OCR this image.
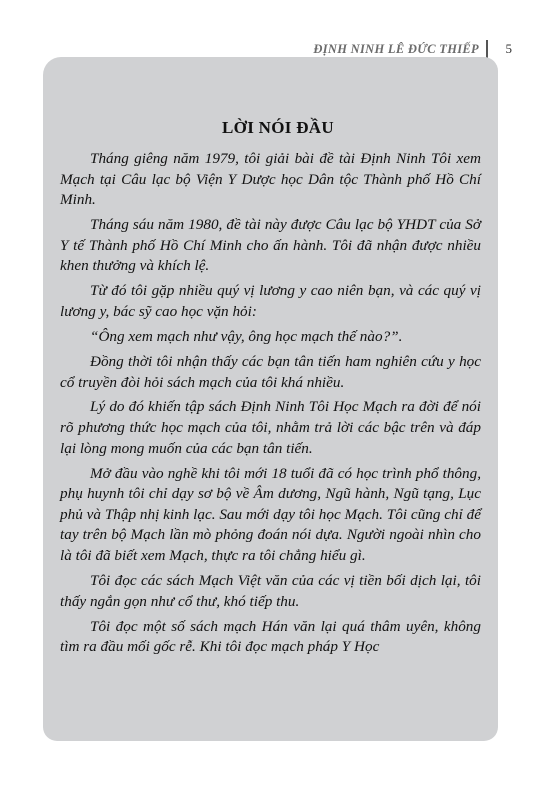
ĐỊNH NINH LÊ ĐỨC THIẾP	5
LỜI NÓI ĐẦU

Tháng giêng năm 1979, tôi giải bài đề tài Định Ninh Tôi xem Mạch tại Câu lạc bộ Viện Y Dược học Dân tộc Thành phố Hồ Chí Minh.

Tháng sáu năm 1980, đề tài này được Câu lạc bộ YHDT của Sở Y tế Thành phố Hồ Chí Minh cho ấn hành. Tôi đã nhận được nhiều khen thưởng và khích lệ.

Từ đó tôi gặp nhiều quý vị lương y cao niên bạn, và các quý vị lương y, bác sỹ cao học vặn hỏi:

“Ông xem mạch như vậy, ông học mạch thế nào?”.

Đồng thời tôi nhận thấy các bạn tân tiến ham nghiên cứu y học cổ truyền đòi hỏi sách mạch của tôi khá nhiều.

Lý do đó khiến tập sách Định Ninh Tôi Học Mạch ra đời để nói rõ phương thức học mạch của tôi, nhằm trả lời các bậc trên và đáp lại lòng mong muốn của các bạn tân tiến.

Mở đầu vào nghề khi tôi mới 18 tuổi đã có học trình phổ thông, phụ huynh tôi chỉ dạy sơ bộ về Âm dương, Ngũ hành, Ngũ tạng, Lục phủ và Thập nhị kinh lạc. Sau mới dạy tôi học Mạch. Tôi cũng chỉ để tay trên bộ Mạch lần mò phỏng đoán nói dựa. Người ngoài nhìn cho là tôi đã biết xem Mạch, thực ra tôi chẳng hiểu gì.

Tôi đọc các sách Mạch Việt văn của các vị tiền bối dịch lại, tôi thấy ngắn gọn như cổ thư, khó tiếp thu.

Tôi đọc một số sách mạch Hán văn lại quá thâm uyên, không tìm ra đầu mối gốc rễ. Khi tôi đọc mạch pháp Y Học
